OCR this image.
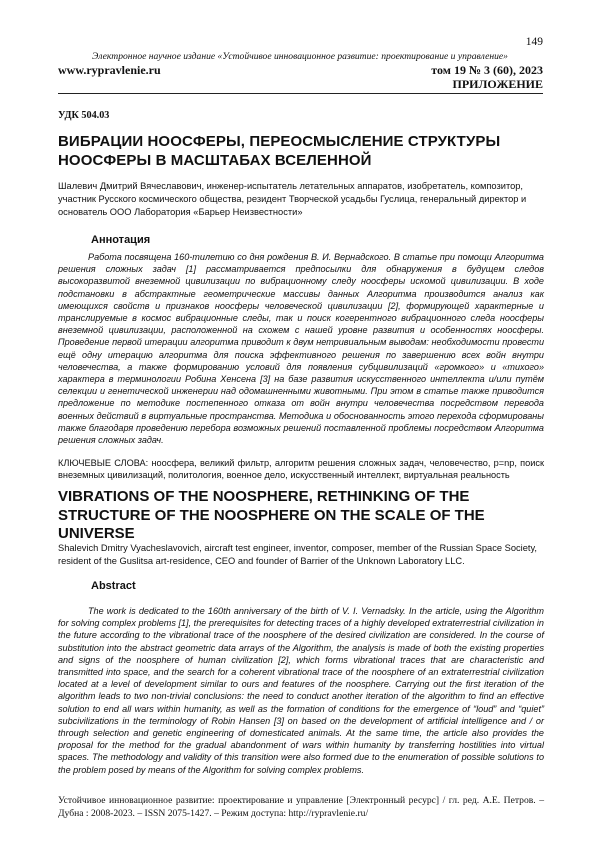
149
Электронное научное издание «Устойчивое инновационное развитие: проектирование и управление»
www.rypravlenie.ru	том 19 № 3 (60), 2023
ПРИЛОЖЕНИЕ
УДК 504.03
ВИБРАЦИИ НООСФЕРЫ, ПЕРЕОСМЫСЛЕНИЕ СТРУКТУРЫ НООСФЕРЫ В МАСШТАБАХ ВСЕЛЕННОЙ
Шалевич Дмитрий Вячеславович, инженер-испытатель летательных аппаратов, изобретатель, композитор, участник Русского космического общества, резидент Творческой усадьбы Гуслица, генеральный директор и основатель ООО Лаборатория «Барьер Неизвестности»
Аннотация
Работа посвящена 160-тилетию со дня рождения В. И. Вернадского. В статье при помощи Алгоритма решения сложных задач [1] рассматривается предпосылки для обнаружения в будущем следов высокоразвитой внеземной цивилизации по вибрационному следу ноосферы искомой цивилизации. В ходе подстановки в абстрактные геометрические массивы данных Алгоритма производится анализ как имеющихся свойств и признаков ноосферы человеческой цивилизации [2], формирующей характерные и транслируемые в космос вибрационные следы, так и поиск когерентного вибрационного следа ноосферы внеземной цивилизации, расположенной на схожем с нашей уровне развития и особенностях ноосферы. Проведение первой итерации алгоритма приводит к двум нетривиальным выводам: необходимости провести ещё одну итерацию алгоритма для поиска эффективного решения по завершению всех войн внутри человечества, а также формированию условий для появления субцивилизаций «громкого» и «тихого» характера в терминологии Робина Хенсена [3] на базе развития искусственного интеллекта и/или путём селекции и генетической инженерии над одомашненными животными. При этом в статье также приводится предложение по методике постепенного отказа от войн внутри человечества посредством перевода военных действий в виртуальные пространства. Методика и обоснованность этого перехода сформированы также благодаря проведению перебора возможных решений поставленной проблемы посредством Алгоритма решения сложных задач.
КЛЮЧЕВЫЕ СЛОВА: ноосфера, великий фильтр, алгоритм решения сложных задач, человечество, p=np, поиск внеземных цивилизаций, политология, военное дело, искусственный интеллект, виртуальная реальность
VIBRATIONS OF THE NOOSPHERE, RETHINKING OF THE STRUCTURE OF THE NOOSPHERE ON THE SCALE OF THE UNIVERSE
Shalevich Dmitry Vyacheslavovich, aircraft test engineer, inventor, composer, member of the Russian Space Society, resident of the Guslitsa art-residence, CEO and founder of Barrier of the Unknown Laboratory LLC.
Abstract
The work is dedicated to the 160th anniversary of the birth of V. I. Vernadsky. In the article, using the Algorithm for solving complex problems [1], the prerequisites for detecting traces of a highly developed extraterrestrial civilization in the future according to the vibrational trace of the noosphere of the desired civilization are considered. In the course of substitution into the abstract geometric data arrays of the Algorithm, the analysis is made of both the existing properties and signs of the noosphere of human civilization [2], which forms vibrational traces that are characteristic and transmitted into space, and the search for a coherent vibrational trace of the noosphere of an extraterrestrial civilization located at a level of development similar to ours and features of the noosphere. Carrying out the first iteration of the algorithm leads to two non-trivial conclusions: the need to conduct another iteration of the algorithm to find an effective solution to end all wars within humanity, as well as the formation of conditions for the emergence of “loud” and “quiet” subcivilizations in the terminology of Robin Hansen [3] on based on the development of artificial intelligence and / or through selection and genetic engineering of domesticated animals. At the same time, the article also provides the proposal for the method for the gradual abandonment of wars within humanity by transferring hostilities into virtual spaces. The methodology and validity of this transition were also formed due to the enumeration of possible solutions to the problem posed by means of the Algorithm for solving complex problems.
Устойчивое инновационное развитие: проектирование и управление [Электронный ресурс] / гл. ред. А.Е. Петров. – Дубна : 2008-2023. – ISSN 2075-1427. – Режим доступа: http://rypravlenie.ru/
